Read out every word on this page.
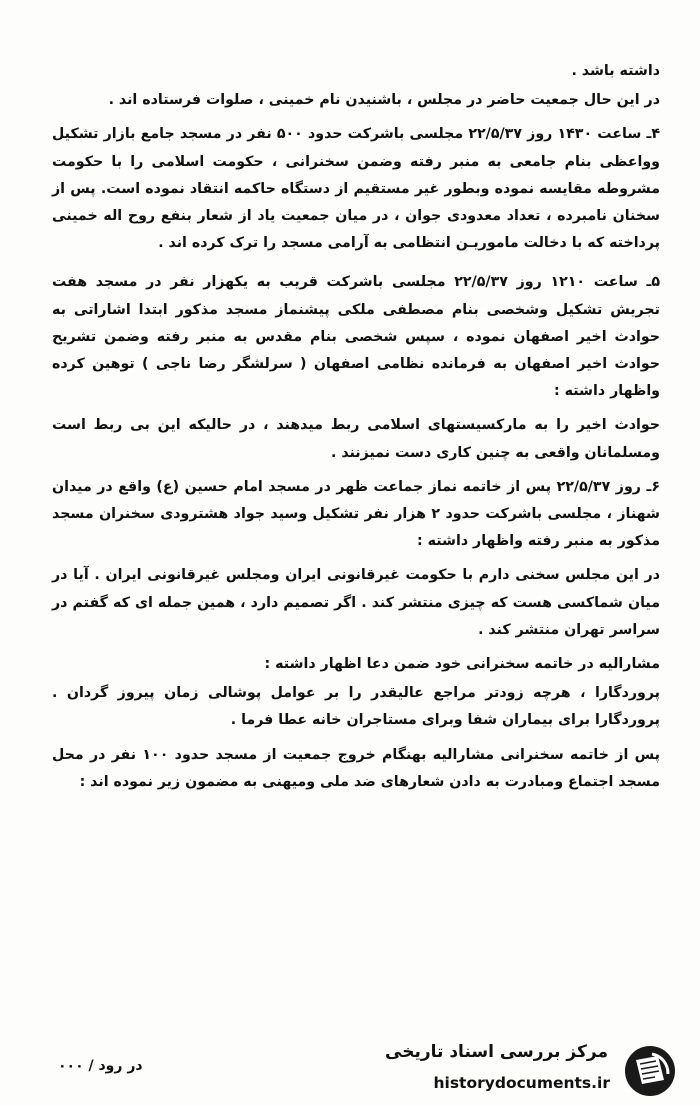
داشته باشد .

در این حال جمعیت حاضر در مجلس ، باشنیدن نام خمینی ، صلوات فرستاده اند .

۴ـ ساعت ۱۴۳۰ روز ۲۲/۵/۳۷ مجلسی باشرکت حدود ۵۰۰ نفر در مسجد جامع بازار تشکیل وواعظی بنام جامعی به منبر رفته وضمن سخنرانی ، حکومت اسلامی را با حکومت مشروطه مقایسه نموده وبطور غیر مستقیم از دستگاه حاکمه انتقاد نموده است. پس از سخنان نامبرده ، تعداد معدودی جوان ، در میان جمعیت یاد از شعار بنفع روح اله خمینی پرداخته که با دخالت ماموریـن انتظامی به آرامی مسجد را ترک کرده اند .

۵ـ ساعت ۱۲۱۰ روز ۲۲/۵/۳۷ مجلسی باشرکت قریب به یکهزار نفر در مسجد هفت تجریش تشکیل وشخصی بنام مصطفی ملکی پیشنماز مسجد مذکور ابتدا اشاراتی به حوادث اخیر اصفهان نموده ، سپس شخصی بنام مقدس به منبر رفته وضمن تشریح حوادث اخیر اصفهان به فرمانده نظامی اصفهان ( سرلشگر رضا ناجی ) توهین کرده واظهار داشته :

حوادث اخیر را به مارکسیستهای اسلامی ربط میدهند ، در حالیکه این بی ربط است ومسلمانان واقعی به چنین کاری دست نمیزنند .

۶ـ روز ۲۲/۵/۳۷ پس از خاتمه نماز جماعت ظهر در مسجد امام حسین (ع) واقع در میدان شهناز ، مجلسی باشرکت حدود ۲ هزار نفر تشکیل وسید جواد هشترودی سخنران مسجد مذکور به منبر رفته واظهار داشته :

در این مجلس سخنی دارم با حکومت غیرقانونی ایران ومجلس غیرقانونی ایران . آیا در میان شماکسی هست که چیزی منتشر کند . اگر تصمیم دارد ، همین جمله ای که گفتم در سراسر تهران منتشر کند .

مشارالیه در خاتمه سخنرانی خود ضمن دعا اظهار داشته :

پروردگارا ، هرچه زودتر مراجع عالیقدر را بر عوامل پوشالی زمان پیروز گردان . پروردگارا برای بیماران شفا وبرای مستاجران خانه عطا فرما .

پس از خاتمه سخنرانی مشارالیه بهنگام خروج جمعیت از مسجد حدود ۱۰۰ نفر در محل مسجد اجتماع ومبادرت به دادن شعارهای ضد ملی ومیهنی به مضمون زیر نموده اند :

در رود / ۰۰۰
مرکز بررسی اسناد تاریخی
historydocuments.ir
